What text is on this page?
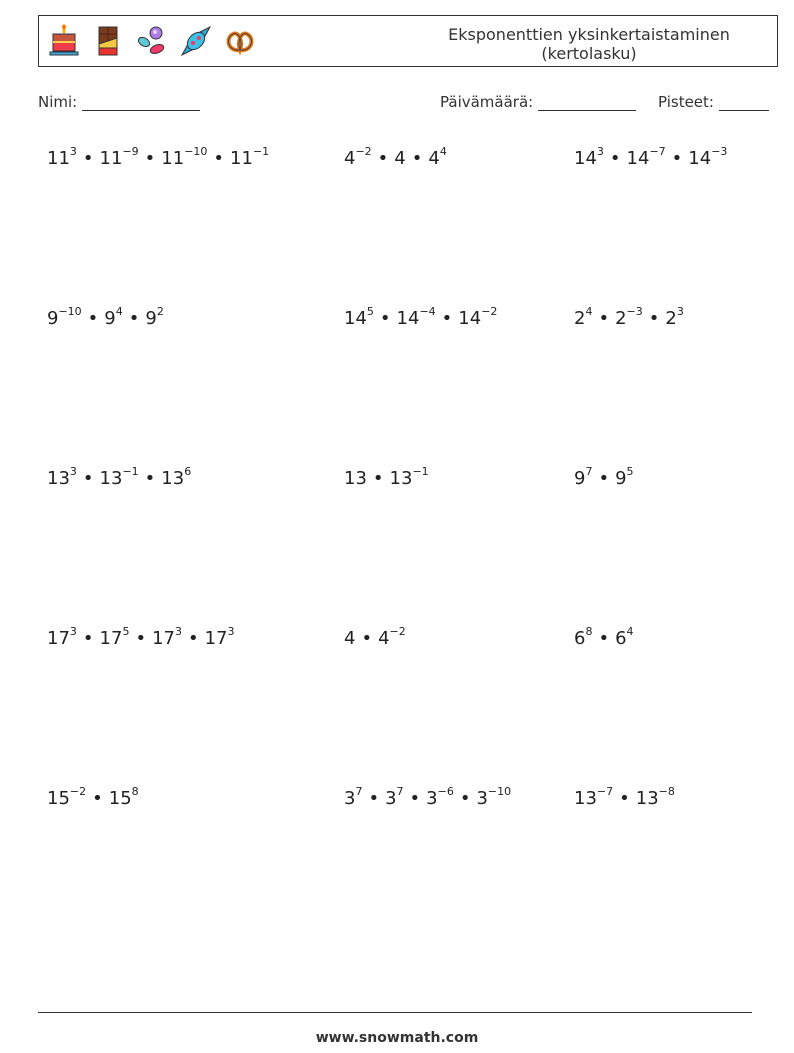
Eksponenttien yksinkertaistaminen (kertolasku)
Nimi:	Päivämäärä:	Pisteet:
$11^3$ • $11^{-9}$ • $11^{-10}$ • $11^{-1}$	$4^{-2}$ • 4 • $4^4$	$14^3$ • $14^{-7}$ • $14^{-3}$
$9^{-10}$ • $9^4$ • $9^2$	$14^5$ • $14^{-4}$ • $14^{-2}$	$2^4$ • $2^{-3}$ • $2^3$
$13^3$ • $13^{-1}$ • $13^6$	13 • $13^{-1}$	$9^7$ • $9^5$
$17^3$ • $17^5$ • $17^3$ • $17^3$	4 • $4^{-2}$	$6^8$ • $6^4$
$15^{-2}$ • $15^8$	$3^7$ • $3^7$ • $3^{-6}$ • $3^{-10}$	$13^{-7}$ • $13^{-8}$
www.snowmath.com
